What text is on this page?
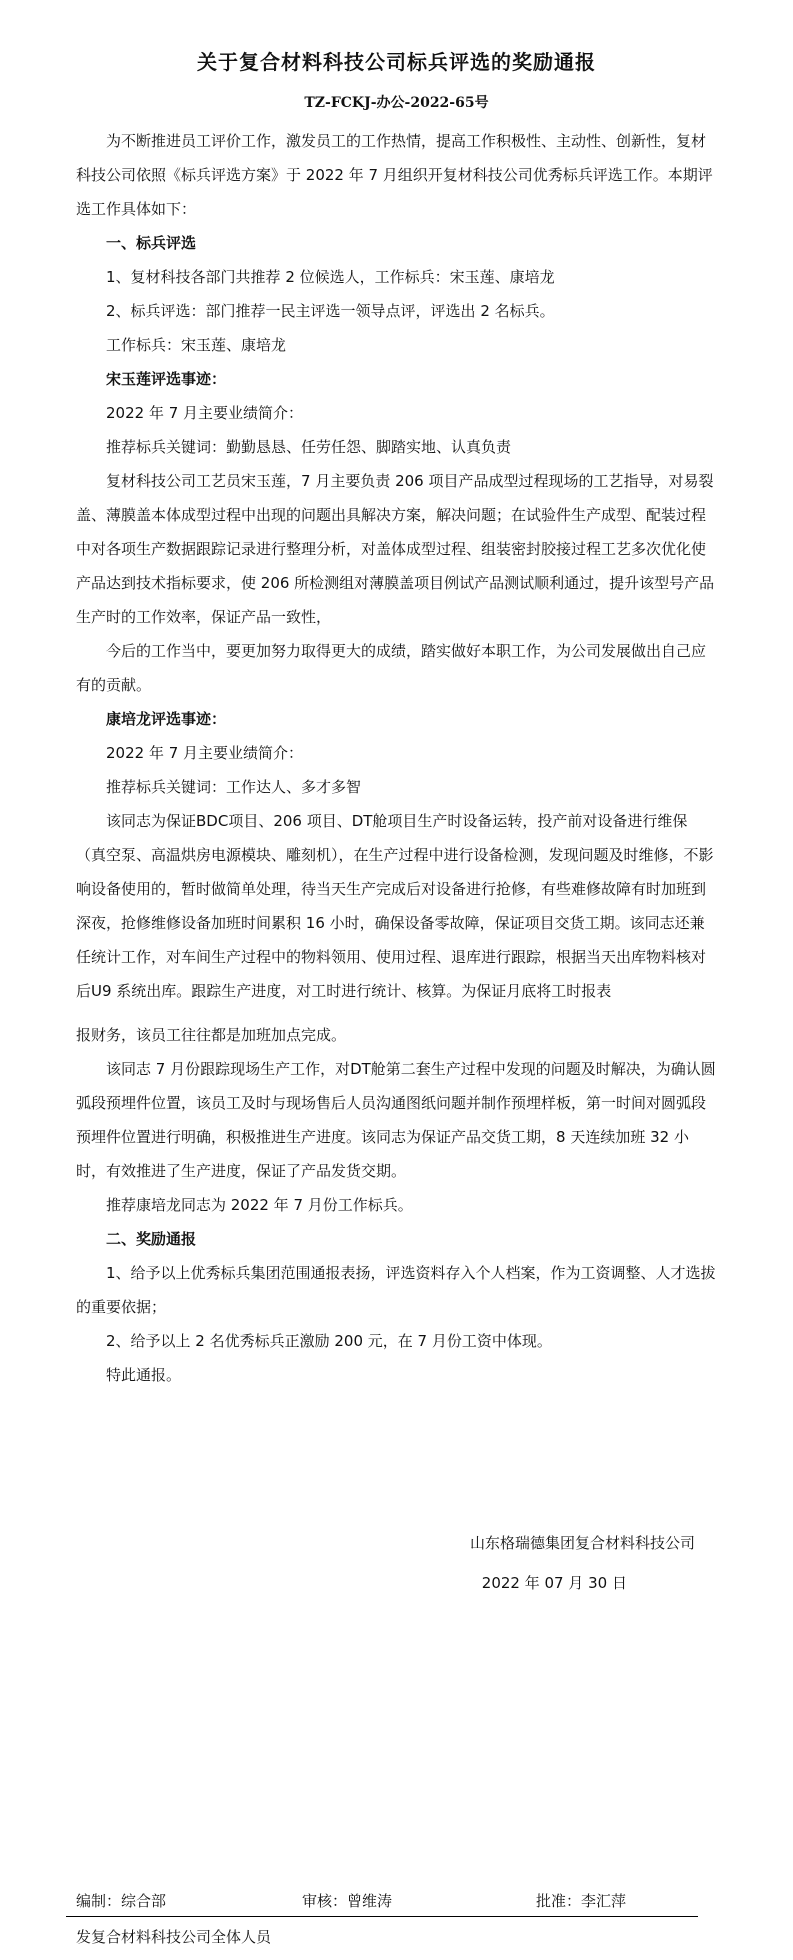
关于复合材料科技公司标兵评选的奖励通报
TZ-FCKJ-办公-2022-65号

为不断推进员工评价工作，激发员工的工作热情，提高工作积极性、主动性、创新性，复材科技公司依照《标兵评选方案》于 2022 年 7 月组织开复材科技公司优秀标兵评选工作。本期评选工作具体如下：

一、标兵评选

1、复材科技各部门共推荐 2 位候选人，工作标兵：宋玉莲、康培龙

2、标兵评选：部门推荐一民主评选一领导点评，评选出 2 名标兵。

工作标兵：宋玉莲、康培龙

宋玉莲评选事迹：

2022 年 7 月主要业绩简介：

推荐标兵关键词：勤勤恳恳、任劳任怨、脚踏实地、认真负责

复材科技公司工艺员宋玉莲，7 月主要负责 206 项目产品成型过程现场的工艺指导，对易裂盖、薄膜盖本体成型过程中出现的问题出具解决方案，解决问题；在试验件生产成型、配装过程中对各项生产数据跟踪记录进行整理分析，对盖体成型过程、组装密封胶接过程工艺多次优化使产品达到技术指标要求，使 206 所检测组对薄膜盖项目例试产品测试顺利通过，提升该型号产品生产时的工作效率，保证产品一致性，

今后的工作当中，要更加努力取得更大的成绩，踏实做好本职工作，为公司发展做出自己应有的贡献。

康培龙评选事迹：

2022 年 7 月主要业绩简介：

推荐标兵关键词：工作达人、多才多智

该同志为保证BDC项目、206 项目、DT舱项目生产时设备运转，投产前对设备进行维保（真空泵、高温烘房电源模块、雕刻机），在生产过程中进行设备检测，发现问题及时维修，不影响设备使用的，暂时做简单处理，待当天生产完成后对设备进行抢修，有些难修故障有时加班到深夜，抢修维修设备加班时间累积 16 小时，确保设备零故障，保证项目交货工期。该同志还兼任统计工作，对车间生产过程中的物料领用、使用过程、退库进行跟踪，根据当天出库物料核对后U9 系统出库。跟踪生产进度，对工时进行统计、核算。为保证月底将工时报表

报财务，该员工往往都是加班加点完成。

该同志 7 月份跟踪现场生产工作，对DT舱第二套生产过程中发现的问题及时解决，为确认圆弧段预埋件位置，该员工及时与现场售后人员沟通图纸问题并制作预埋样板，第一时间对圆弧段预埋件位置进行明确，积极推进生产进度。该同志为保证产品交货工期，8 天连续加班 32 小时，有效推进了生产进度，保证了产品发货交期。

推荐康培龙同志为 2022 年 7 月份工作标兵。

二、奖励通报

1、给予以上优秀标兵集团范围通报表扬，评选资料存入个人档案，作为工资调整、人才选拔的重要依据；

2、给予以上 2 名优秀标兵正激励 200 元，在 7 月份工资中体现。

特此通报。

山东格瑞德集团复合材料科技公司
2022 年 07 月 30 日
编制：综合部	审核：曾维涛	批准：李汇萍
发复合材料科技公司全体人员
